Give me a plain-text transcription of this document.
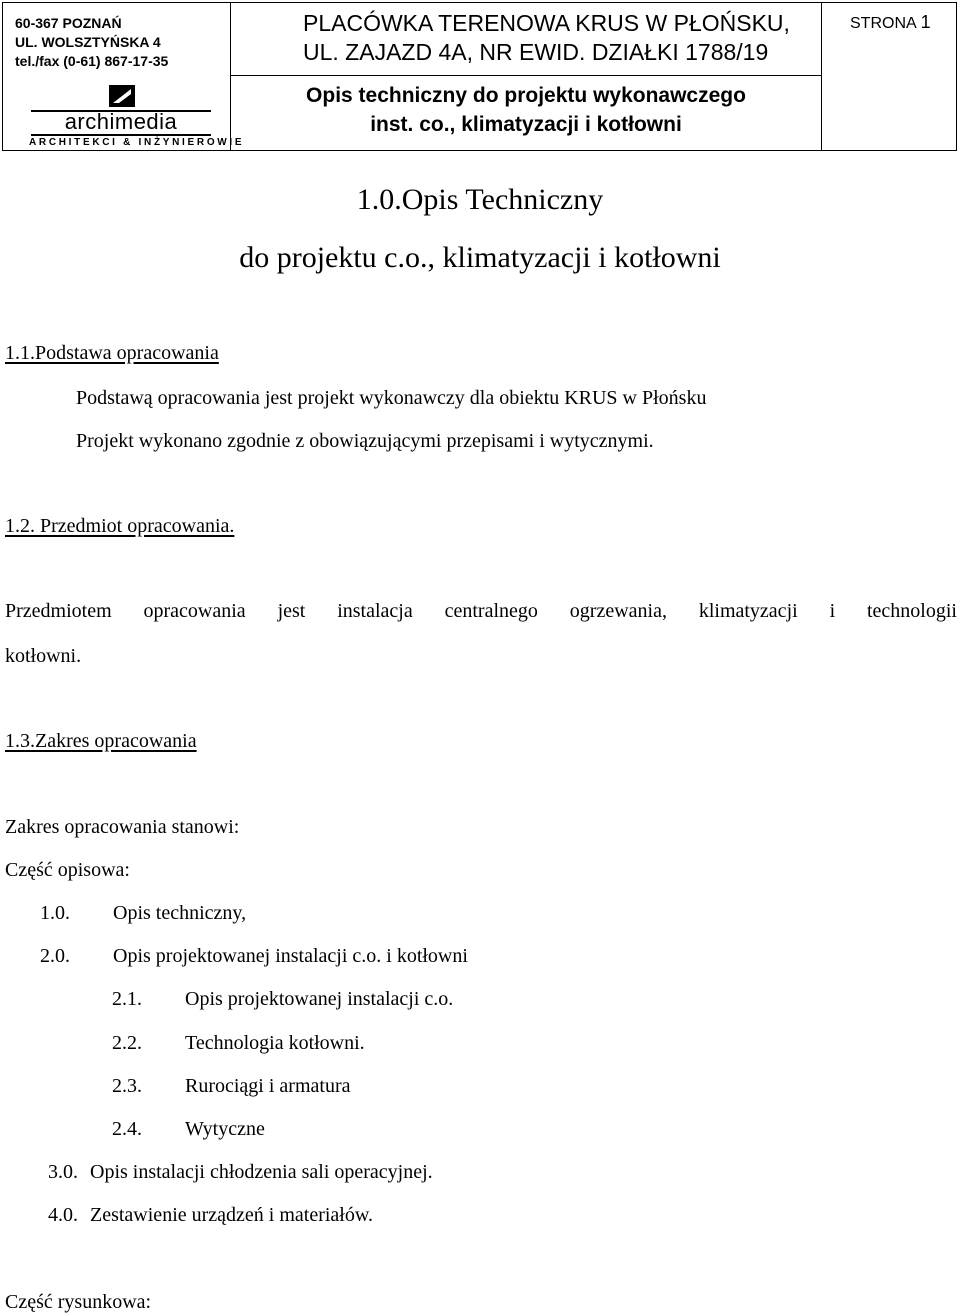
60-367 POZNAŃ
UL. WOLSZTYŃSKA 4
tel./fax (0-61) 867-17-35
archimedia
ARCHITEKCI & INŻYNIEROWIE
PLACÓWKA TERENOWA KRUS W PŁOŃSKU,
UL. ZAJAZD 4A, NR EWID. DZIAŁKI 1788/19
Opis techniczny do projektu wykonawczego
inst. co., klimatyzacji i kotłowni
STRONA 1
1.0.Opis Techniczny
do projektu c.o., klimatyzacji i kotłowni
1.1.Podstawa opracowania
Podstawą opracowania jest projekt wykonawczy dla obiektu KRUS w Płońsku
Projekt wykonano zgodnie z obowiązującymi przepisami i wytycznymi.
1.2. Przedmiot opracowania.
Przedmiotem opracowania jest instalacja centralnego ogrzewania, klimatyzacji i technologii
kotłowni.
1.3.Zakres opracowania
Zakres opracowania stanowi:
Część opisowa:
1.0. Opis techniczny,
2.0. Opis projektowanej instalacji c.o. i kotłowni
2.1. Opis projektowanej instalacji c.o.
2.2. Technologia kotłowni.
2.3. Rurociągi i armatura
2.4. Wytyczne
3.0. Opis instalacji chłodzenia sali operacyjnej.
4.0. Zestawienie urządzeń i materiałów.
Część rysunkowa:
